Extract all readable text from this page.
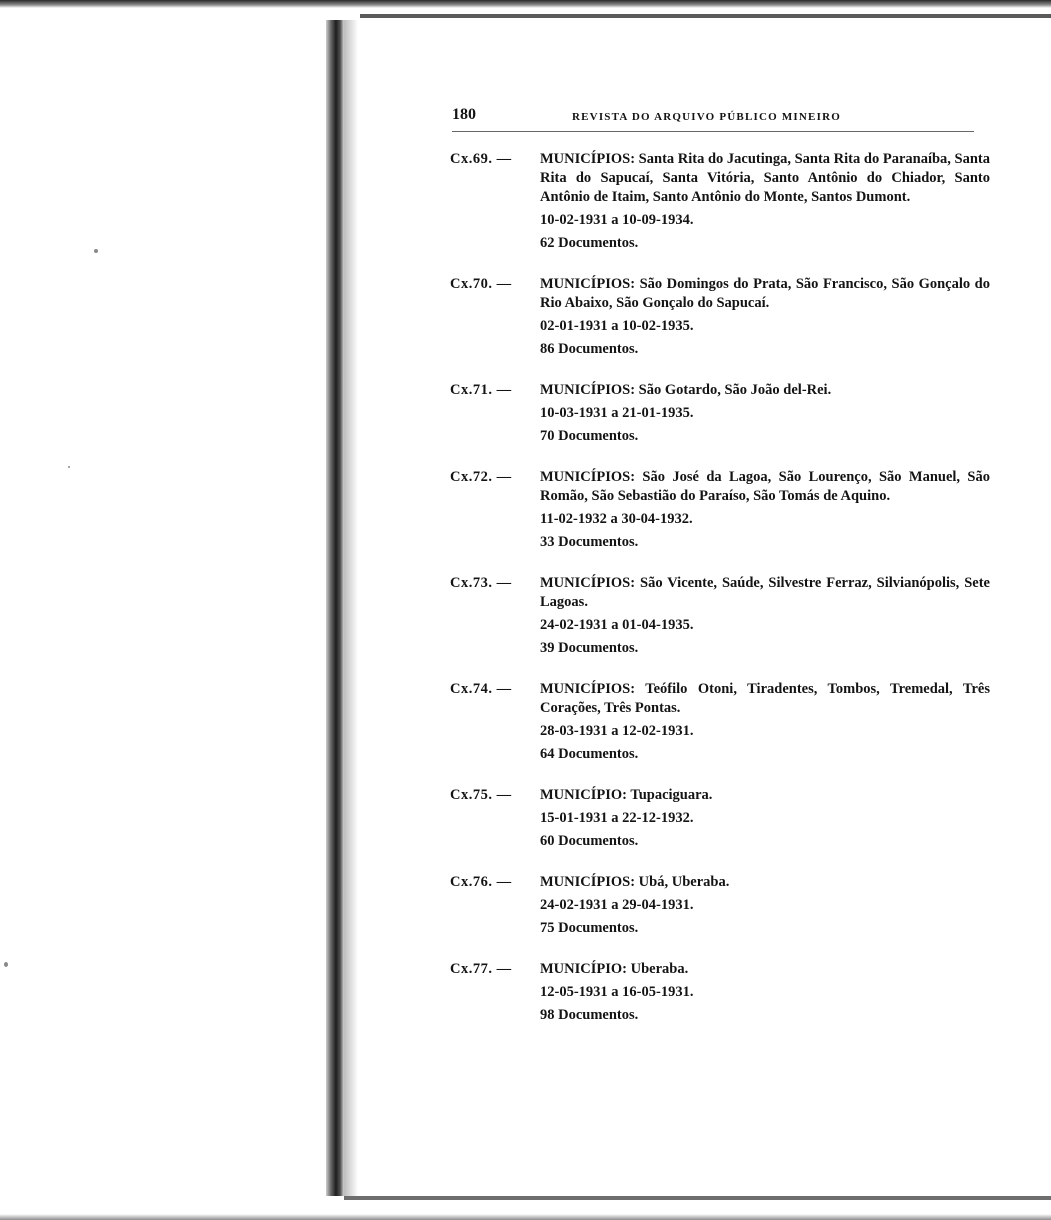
180	REVISTA DO ARQUIVO PÚBLICO MINEIRO
Cx.69. — MUNICÍPIOS: Santa Rita do Jacutinga, Santa Rita do Paranaíba, Santa Rita do Sapucaí, Santa Vitória, Santo Antônio do Chiador, Santo Antônio de Itaim, Santo Antônio do Monte, Santos Dumont.

10-02-1931 a 10-09-1934.

62 Documentos.

Cx.70. — MUNICÍPIOS: São Domingos do Prata, São Francisco, São Gonçalo do Rio Abaixo, São Gonçalo do Sapucaí.

02-01-1931 a 10-02-1935.

86 Documentos.

Cx.71. — MUNICÍPIOS: São Gotardo, São João del-Rei.

10-03-1931 a 21-01-1935.

70 Documentos.

Cx.72. — MUNICÍPIOS: São José da Lagoa, São Lourenço, São Manuel, São Romão, São Sebastião do Paraíso, São Tomás de Aquino.

11-02-1932 a 30-04-1932.

33 Documentos.

Cx.73. — MUNICÍPIOS: São Vicente, Saúde, Silvestre Ferraz, Silvianópolis, Sete Lagoas.

24-02-1931 a 01-04-1935.

39 Documentos.

Cx.74. — MUNICÍPIOS: Teófilo Otoni, Tiradentes, Tombos, Tremedal, Três Corações, Três Pontas.

28-03-1931 a 12-02-1931.

64 Documentos.

Cx.75. — MUNICÍPIO: Tupaciguara.

15-01-1931 a 22-12-1932.

60 Documentos.

Cx.76. — MUNICÍPIOS: Ubá, Uberaba.

24-02-1931 a 29-04-1931.

75 Documentos.

Cx.77. — MUNICÍPIO: Uberaba.

12-05-1931 a 16-05-1931.

98 Documentos.
